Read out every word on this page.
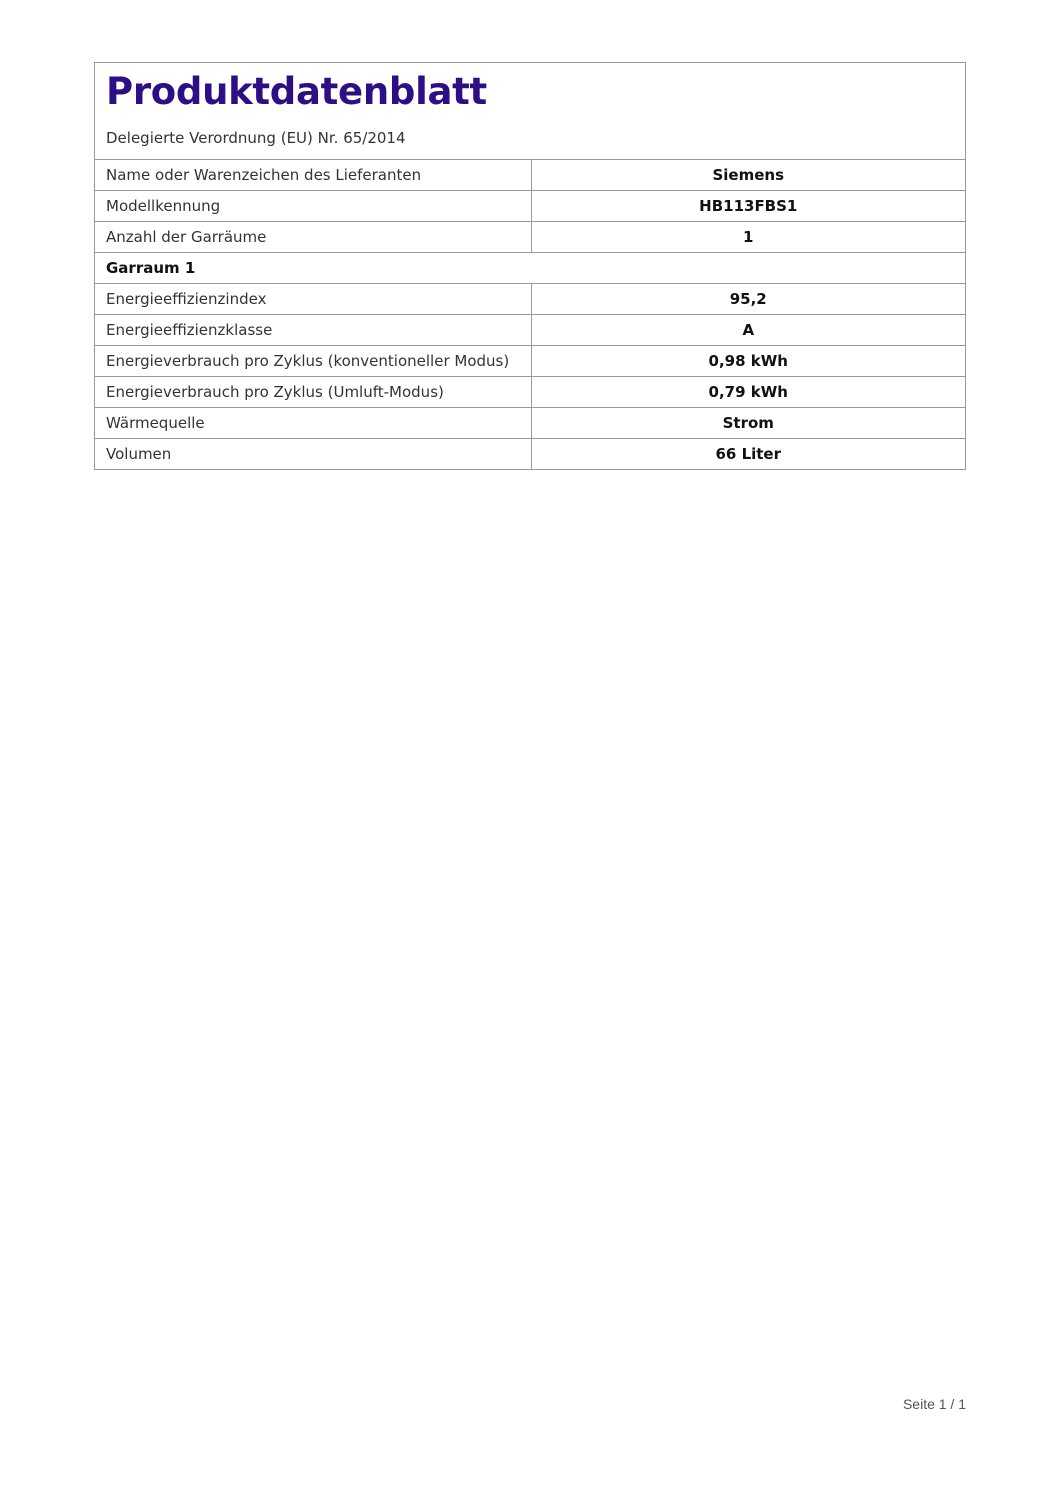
Produktdatenblatt
Delegierte Verordnung (EU) Nr. 65/2014
Name oder Warenzeichen des Lieferanten	Siemens
Modellkennung	HB113FBS1
Anzahl der Garräume	1
Garraum 1	
Energieeffizienzindex	95,2
Energieeffizienzklasse	A
Energieverbrauch pro Zyklus (konventioneller Modus)	0,98 kWh
Energieverbrauch pro Zyklus (Umluft-Modus)	0,79 kWh
Wärmequelle	Strom
Volumen	66 Liter
Seite 1 / 1
